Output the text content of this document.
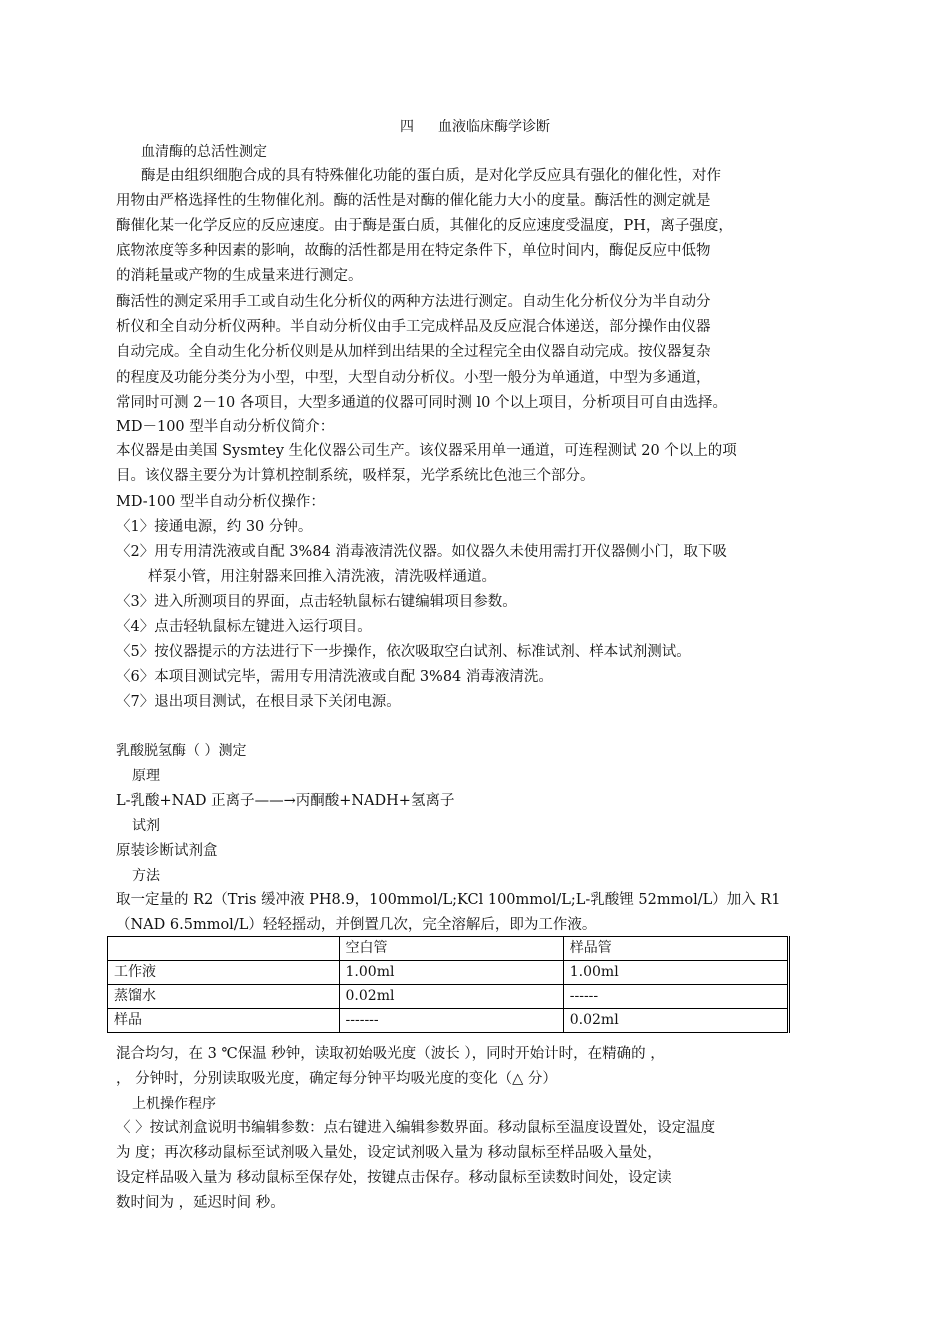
四 血液临床酶学诊断
血清酶的总活性测定
酶是由组织细胞合成的具有特殊催化功能的蛋白质，是对化学反应具有强化的催化性，对作
用物由严格选择性的生物催化剂。酶的活性是对酶的催化能力大小的度量。酶活性的测定就是
酶催化某一化学反应的反应速度。由于酶是蛋白质，其催化的反应速度受温度，PH，离子强度，
底物浓度等多种因素的影响，故酶的活性都是用在特定条件下，单位时间内，酶促反应中低物
的消耗量或产物的生成量来进行测定。
酶活性的测定采用手工或自动生化分析仪的两种方法进行测定。自动生化分析仪分为半自动分
析仪和全自动分析仪两种。半自动分析仪由手工完成样品及反应混合体递送，部分操作由仪器
自动完成。全自动生化分析仪则是从加样到出结果的全过程完全由仪器自动完成。按仪器复杂
的程度及功能分类分为小型，中型，大型自动分析仪。小型一般分为单通道，中型为多通道，
常同时可测 2－10 各项目，大型多通道的仪器可同时测 l0 个以上项目，分析项目可自由选择。
MD－100 型半自动分析仪简介：
本仪器是由美国 Sysmtey 生化仪器公司生产。该仪器采用单一通道，可连程测试 20 个以上的项
目。该仪器主要分为计算机控制系统，吸样泵，光学系统比色池三个部分。
MD-100 型半自动分析仪操作：
〈1〉接通电源，约 30 分钟。
〈2〉用专用清洗液或自配 3%84 消毒液清洗仪器。如仪器久未使用需打开仪器侧小门，取下吸
样泵小管，用注射器来回推入清洗液，清洗吸样通道。
〈3〉进入所测项目的界面，点击轻轨鼠标右键编辑项目参数。
〈4〉点击轻轨鼠标左键进入运行项目。
〈5〉按仪器提示的方法进行下一步操作，依次吸取空白试剂、标准试剂、样本试剂测试。
〈6〉本项目测试完毕，需用专用清洗液或自配 3%84 消毒液清洗。
〈7〉退出项目测试，在根目录下关闭电源。
乳酸脱氢酶（ ）测定
原理
L-乳酸+NAD 正离子——→丙酮酸+NADH+氢离子
试剂
原装诊断试剂盒
方法
取一定量的 R2（Tris 缓冲液 PH8.9，100mmol/L;KCl 100mmol/L;L-乳酸锂 52mmol/L）加入 R1
（NAD 6.5mmol/L）轻轻摇动，并倒置几次，完全溶解后，即为工作液。
	空白管	样品管
工作液	1.00ml	1.00ml
蒸馏水	0.02ml	------
样品	-------	0.02ml
混合均匀，在 3 ℃保温 秒钟，读取初始吸光度（波长 ），同时开始计时，在精确的 ，
， 分钟时，分别读取吸光度，确定每分钟平均吸光度的变化（△ 分）
上机操作程序
〈 〉按试剂盒说明书编辑参数：点右键进入编辑参数界面。移动鼠标至温度设置处，设定温度
为 度；再次移动鼠标至试剂吸入量处，设定试剂吸入量为 移动鼠标至样品吸入量处，
设定样品吸入量为 移动鼠标至保存处，按键点击保存。移动鼠标至读数时间处，设定读
数时间为 ，延迟时间 秒。
